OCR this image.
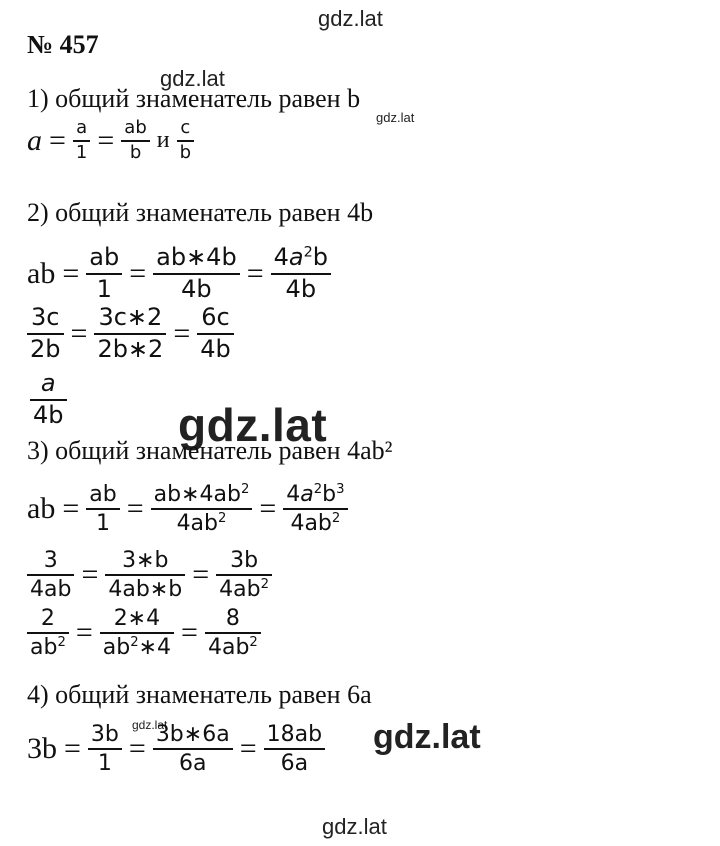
gdz.lat
gdz.lat
gdz.lat
gdz.lat
gdz.lat	gdz.lat
gdz.lat
№ 457
1) общий знаменатель равен b
2) общий знаменатель равен 4b
3) общий знаменатель равен 4ab²
4) общий знаменатель равен 6a
$a = \frac{a}{1} = \frac{ab}{b}$ и $\frac{c}{b}$
ab = $\frac{ab}{1} = \frac{ab∗4b}{4b} = \frac{4a^2b}{4b}$
$\frac{3c}{2b} = \frac{3c∗2}{2b∗2} = \frac{6c}{4b}$
$\frac{a}{4b}$
ab = $\frac{ab}{1} = \frac{ab∗4ab^2}{4ab^2} = \frac{4a^2b^3}{4ab^2}$
$\frac{3}{4ab} = \frac{3∗b}{4ab∗b} = \frac{3b}{4ab^2}$
$\frac{2}{ab^2} = \frac{2∗4}{ab^2∗4} = \frac{8}{4ab^2}$
$3b = \frac{3b}{1} = \frac{3b∗6a}{6a} = \frac{18ab}{6a}$
